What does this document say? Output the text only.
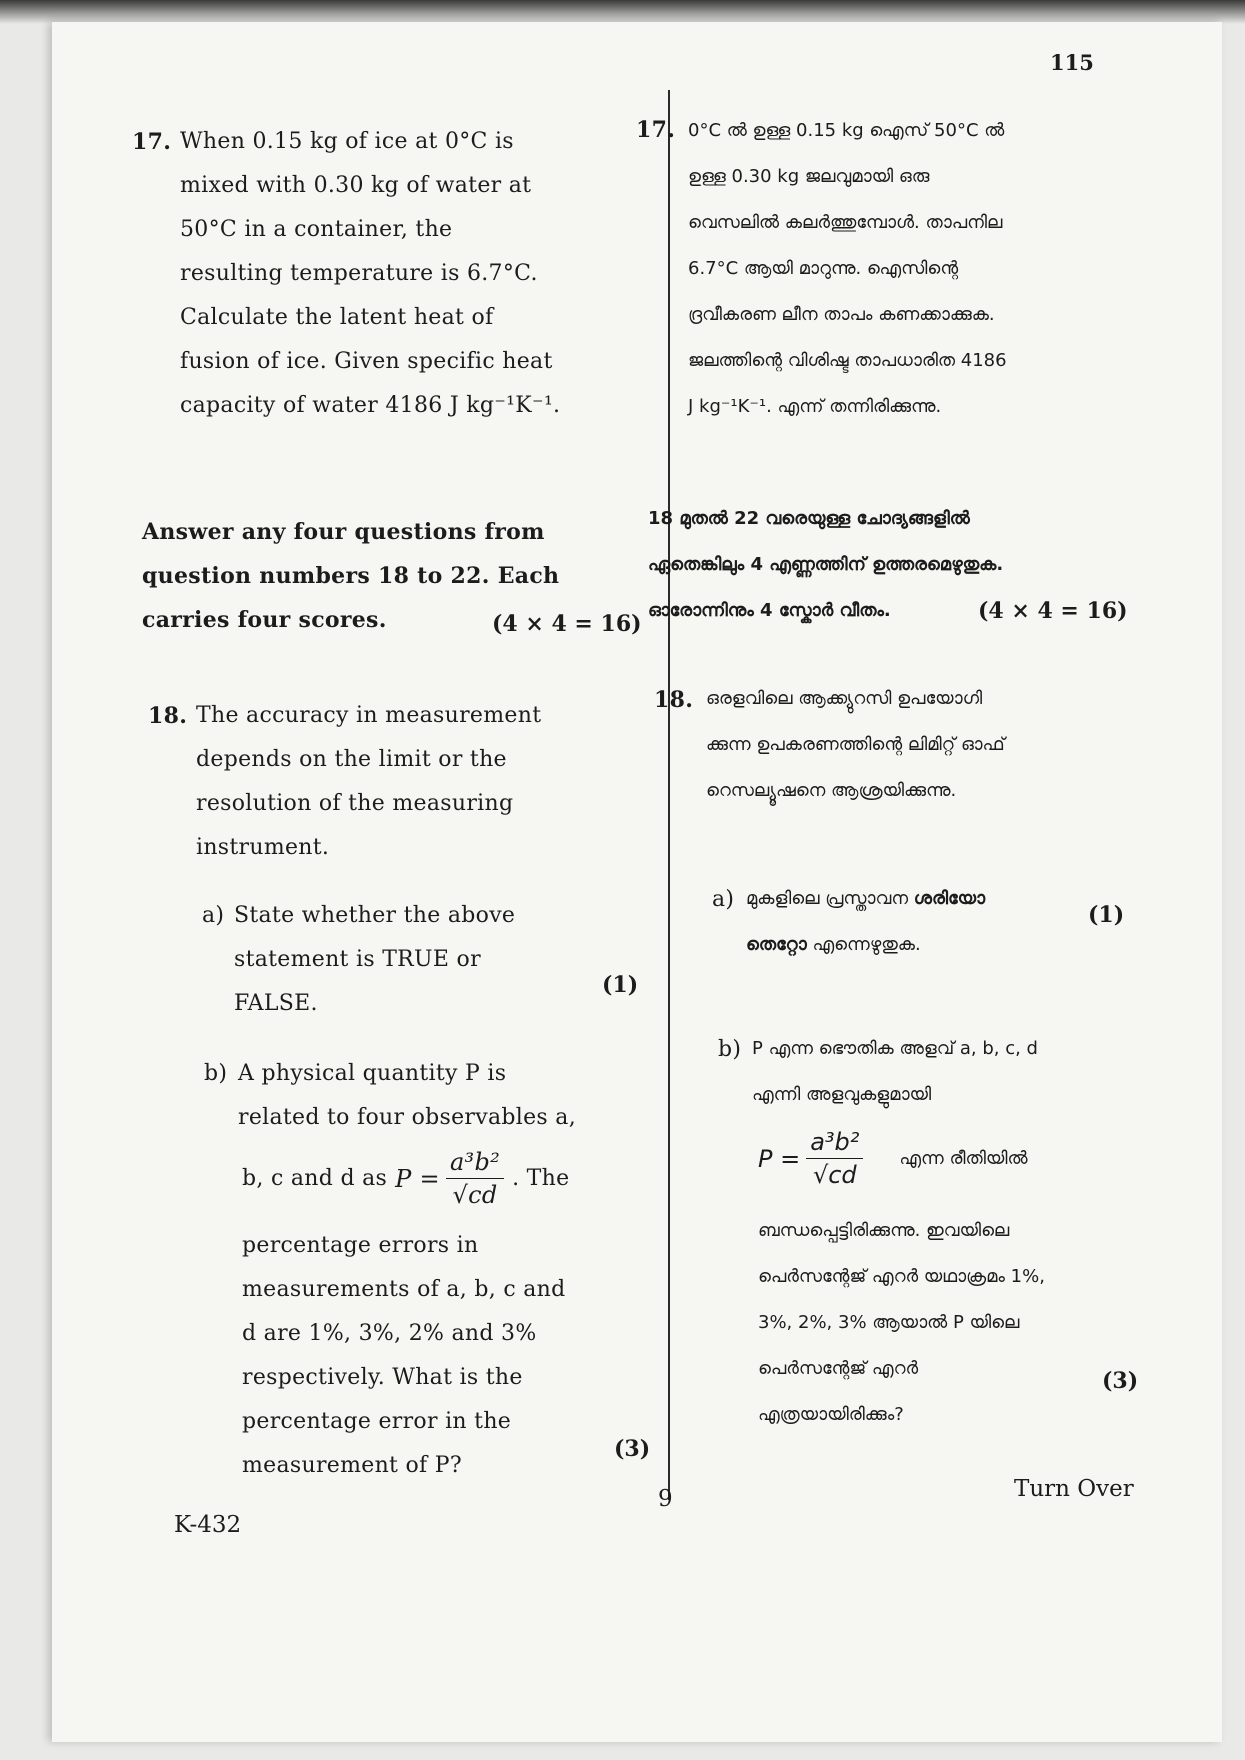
115
17. When 0.15 kg of ice at 0°C is
mixed with 0.30 kg of water at
50°C in a container, the
resulting temperature is 6.7°C.
Calculate the latent heat of
fusion of ice. Given specific heat
capacity of water 4186 J kg⁻¹K⁻¹.
Answer any four questions from
question numbers 18 to 22. Each
carries four scores.	(4 × 4 = 16)
18. The accuracy in measurement
depends on the limit or the
resolution of the measuring
instrument.
a) State whether the above
statement is TRUE or
FALSE.
(1)
b) A physical quantity P is
related to four observables a,
b, c and d as $P = \frac{\text{a³b²}}{√cd}$ . The
percentage errors in
measurements of a, b, c and
d are 1%, 3%, 2% and 3%
respectively. What is the
percentage error in the
measurement of P?
(3)
17. 0°C ൽ ഉള്ള 0.15 kg ഐസ് 50°C ൽ
ഉള്ള 0.30 kg ജലവുമായി ഒരു
വെസലിൽ കലർത്തുമ്പോൾ. താപനില
6.7°C ആയി മാറുന്നു. ഐസിന്റെ
ദ്രവീകരണ ലീന താപം കണക്കാക്കുക.
ജലത്തിന്റെ വിശിഷ്ട താപധാരിത 4186
J kg⁻¹K⁻¹. എന്ന് തന്നിരിക്കുന്നു.
18 മുതൽ 22 വരെയുള്ള ചോദ്യങ്ങളിൽ
ഏതെങ്കിലും 4 എണ്ണത്തിന് ഉത്തരമെഴുതുക.
ഓരോന്നിനും 4 സ്കോർ വീതം.	(4 × 4 = 16)
18. ഒരളവിലെ ആക്ക്യുറസി ഉപയോഗി
ക്കുന്ന ഉപകരണത്തിന്റെ ലിമിറ്റ് ഓഫ്
റെസല്യൂഷനെ ആശ്രയിക്കുന്നു.
a) മുകളിലെ പ്രസ്താവന ശരിയോ
തെറ്റോ എന്നെഴുതുക.
(1)
b) P എന്ന ഭൌതിക അളവ് a, b, c, d
എന്നി അളവുകളുമായി
$P = \frac{\text{a³b²}}{√cd}$ എന്ന രീതിയിൽ
ബന്ധപ്പെട്ടിരിക്കുന്നു. ഇവയിലെ
പെർസന്റേജ് എറർ യഥാക്രമം 1%,
3%, 2%, 3% ആയാൽ P യിലെ
പെർസന്റേജ് എറർ
എത്രയായിരിക്കും?
(3)
K-432
9	Turn Over
